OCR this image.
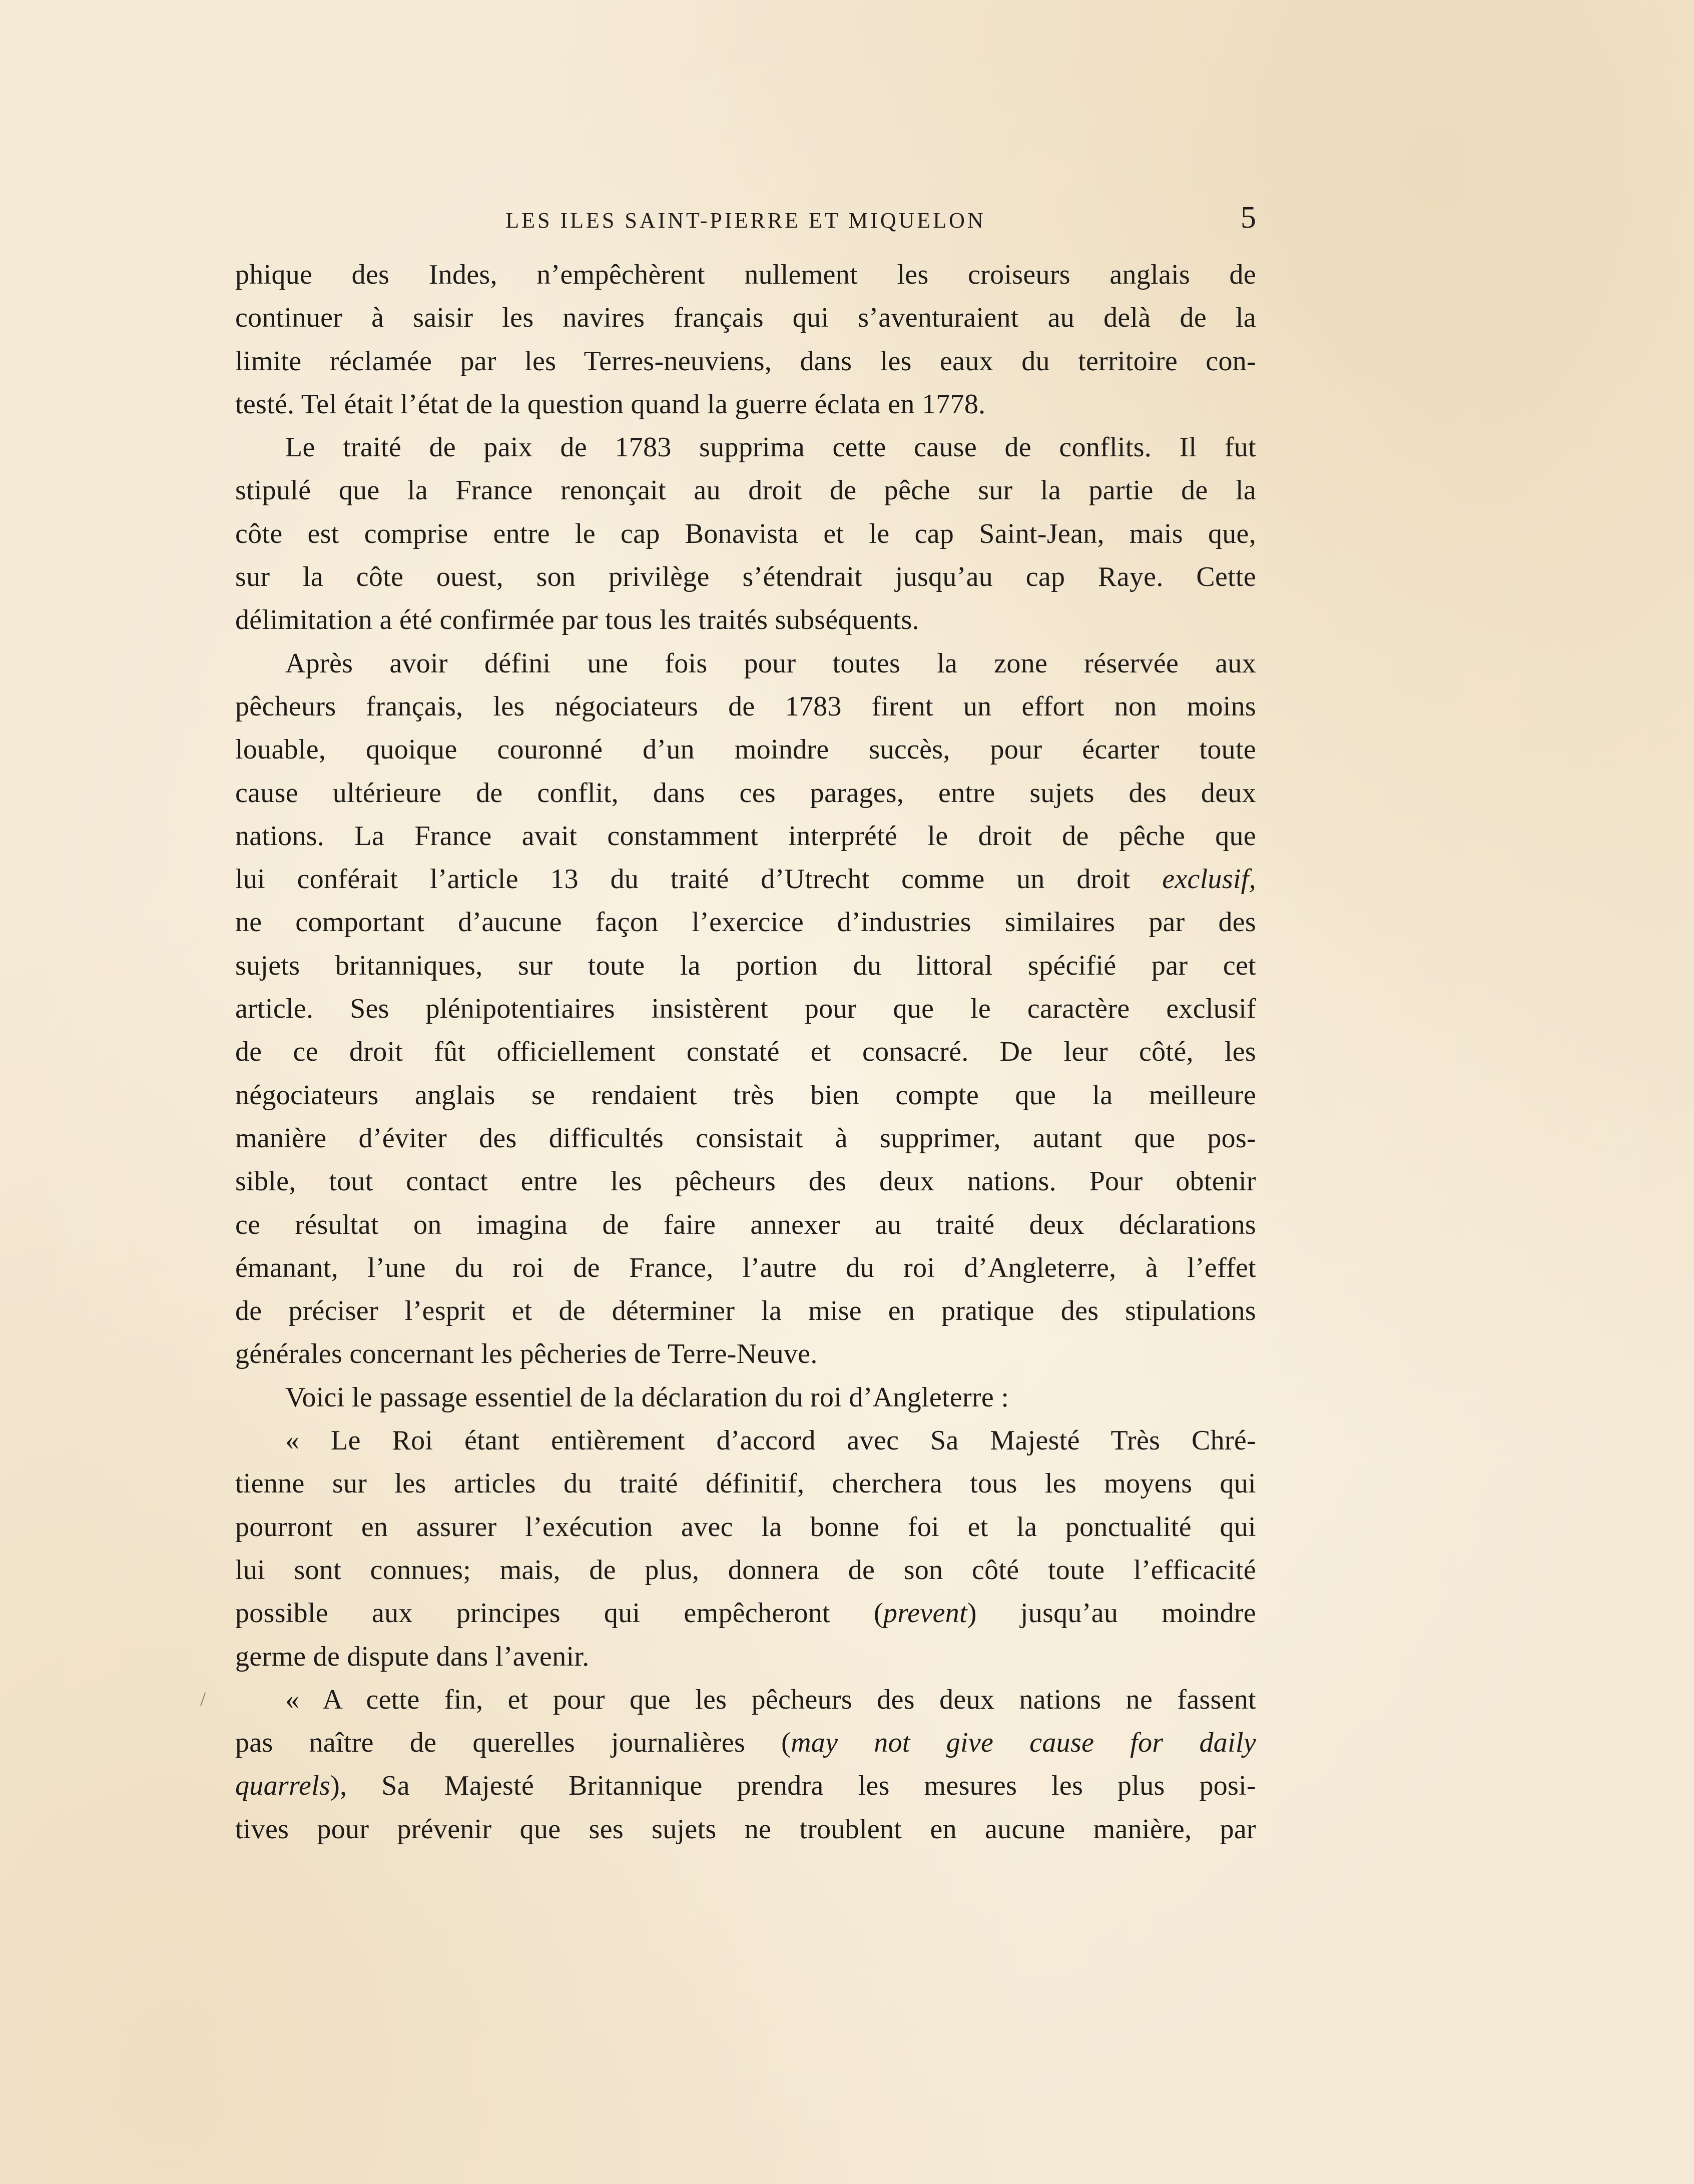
LES ILES SAINT-PIERRE ET MIQUELON	5
/
phique des Indes, n’empêchèrent nullement les croiseurs anglais de
continuer à saisir les navires français qui s’aventuraient au delà de la
limite réclamée par les Terres-neuviens, dans les eaux du territoire con-
testé. Tel était l’état de la question quand la guerre éclata en 1778.
Le traité de paix de 1783 supprima cette cause de conflits. Il fut
stipulé que la France renonçait au droit de pêche sur la partie de la
côte est comprise entre le cap Bonavista et le cap Saint-Jean, mais que,
sur la côte ouest, son privilège s’étendrait jusqu’au cap Raye. Cette
délimitation a été confirmée par tous les traités subséquents.
Après avoir défini une fois pour toutes la zone réservée aux
pêcheurs français, les négociateurs de 1783 firent un effort non moins
louable, quoique couronné d’un moindre succès, pour écarter toute
cause ultérieure de conflit, dans ces parages, entre sujets des deux
nations. La France avait constamment interprété le droit de pêche que
lui conférait l’article 13 du traité d’Utrecht comme un droit exclusif,
ne comportant d’aucune façon l’exercice d’industries similaires par des
sujets britanniques, sur toute la portion du littoral spécifié par cet
article. Ses plénipotentiaires insistèrent pour que le caractère exclusif
de ce droit fût officiellement constaté et consacré. De leur côté, les
négociateurs anglais se rendaient très bien compte que la meilleure
manière d’éviter des difficultés consistait à supprimer, autant que pos-
sible, tout contact entre les pêcheurs des deux nations. Pour obtenir
ce résultat on imagina de faire annexer au traité deux déclarations
émanant, l’une du roi de France, l’autre du roi d’Angleterre, à l’effet
de préciser l’esprit et de déterminer la mise en pratique des stipulations
générales concernant les pêcheries de Terre-Neuve.
Voici le passage essentiel de la déclaration du roi d’Angleterre :
« Le Roi étant entièrement d’accord avec Sa Majesté Très Chré-
tienne sur les articles du traité définitif, cherchera tous les moyens qui
pourront en assurer l’exécution avec la bonne foi et la ponctualité qui
lui sont connues; mais, de plus, donnera de son côté toute l’efficacité
possible aux principes qui empêcheront (prevent) jusqu’au moindre
germe de dispute dans l’avenir.
« A cette fin, et pour que les pêcheurs des deux nations ne fassent
pas naître de querelles journalières (may not give cause for daily
quarrels), Sa Majesté Britannique prendra les mesures les plus posi-
tives pour prévenir que ses sujets ne troublent en aucune manière, par
